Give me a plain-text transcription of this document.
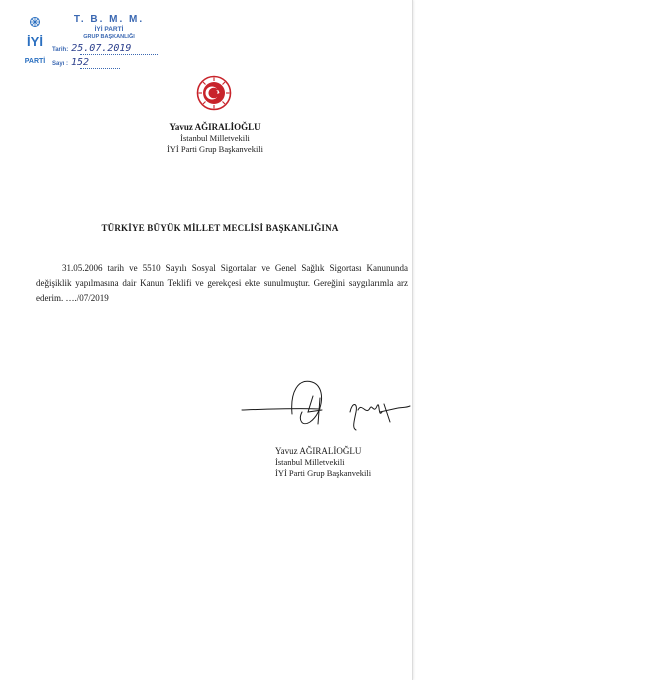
İYİ
PARTİ
T. B. M. M.
İYİ PARTİ
GRUP BAŞKANLIĞI
Tarih: 25.07.2019
Sayı : 152
Yavuz AĞIRALİOĞLU
İstanbul Milletvekili
İYİ Parti Grup Başkanvekili
TÜRKİYE BÜYÜK MİLLET MECLİSİ BAŞKANLIĞINA

31.05.2006 tarih ve 5510 Sayılı Sosyal Sigortalar ve Genel Sağlık Sigortası Kanununda değişiklik yapılmasına dair Kanun Teklifi ve gerekçesi ekte sunulmuştur. Gereğini saygılarımla arz ederim. …./07/2019

Yavuz AĞIRALİOĞLU
İstanbul Milletvekili
İYİ Parti Grup Başkanvekili
